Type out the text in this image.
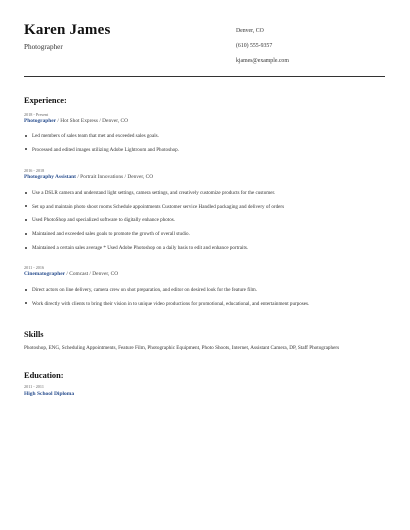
Karen James
Photographer
Denver, CO
(610) 555-9357
kjames@example.com
Experience:
2018 - Present
Photographer / Hot Shot Express / Denver, CO
Led members of sales team that met and exceeded sales goals.
Processed and edited images utilizing Adobe Lightroom and Photoshop.
2016 - 2018
Photography Assistant / Portrait Innovations / Denver, CO
Use a DSLR camera and understand light settings, camera settings, and creatively customize products for the customer.
Set up and maintain photo shoot rooms Schedule appointments Customer service Handled packaging and delivery of orders
Used PhotoShop and specialized software to digitally enhance photos.
Maintained and exceeded sales goals to promote the growth of overall studio.
Maintained a certain sales average * Used Adobe Photoshop on a daily basis to edit and enhance portraits.
2011 - 2016
Cinematographer / Comcast / Denver, CO
Direct actors on line delivery, camera crew on shot preparation, and editor on desired look for the feature film.
Work directly with clients to bring their vision in to unique video productions for promotional, educational, and entertainment purposes.
Skills
Photoshop, ENG, Scheduling Appointments, Feature Film, Photographic Equipment, Photo Shoots, Internet, Assistant Camera, DP, Staff Photographers
Education:
2011 - 2011
High School Diploma
